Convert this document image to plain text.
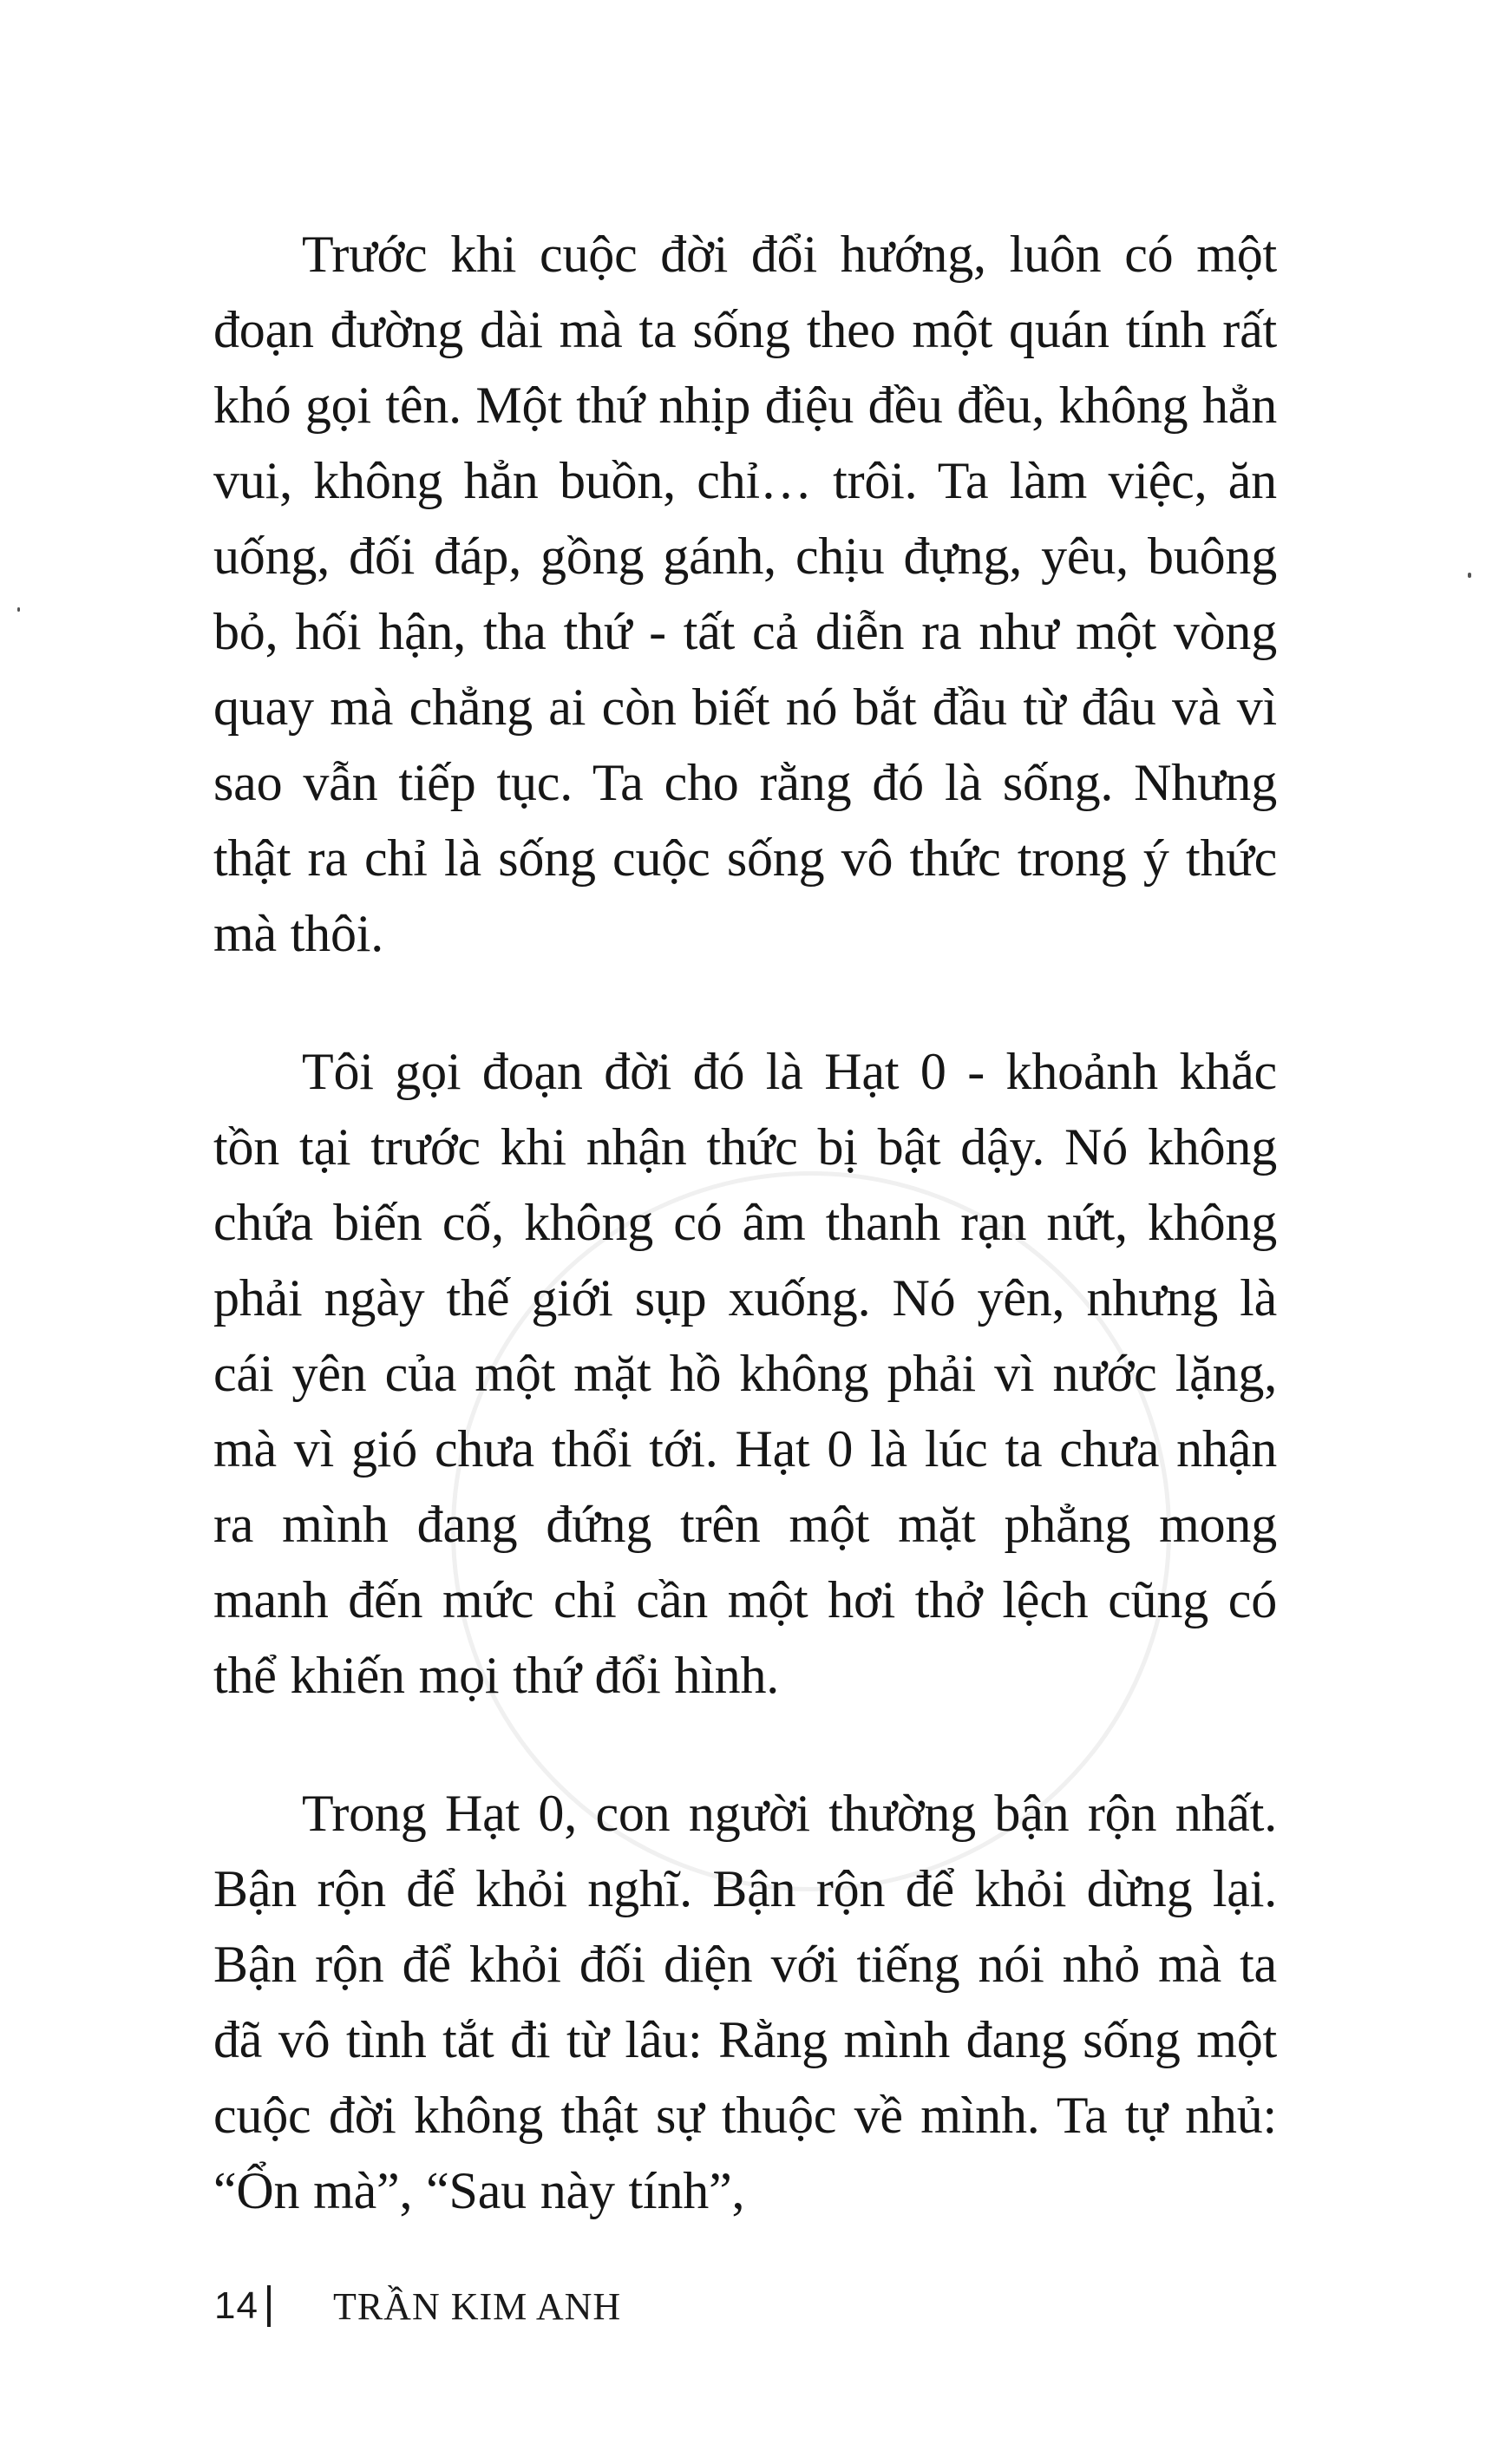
Trước khi cuộc đời đổi hướng, luôn có một đoạn đường dài mà ta sống theo một quán tính rất khó gọi tên. Một thứ nhịp điệu đều đều, không hẳn vui, không hẳn buồn, chỉ… trôi. Ta làm việc, ăn uống, đối đáp, gồng gánh, chịu đựng, yêu, buông bỏ, hối hận, tha thứ - tất cả diễn ra như một vòng quay mà chẳng ai còn biết nó bắt đầu từ đâu và vì sao vẫn tiếp tục. Ta cho rằng đó là sống. Nhưng thật ra chỉ là sống cuộc sống vô thức trong ý thức mà thôi.

Tôi gọi đoạn đời đó là Hạt 0 - khoảnh khắc tồn tại trước khi nhận thức bị bật dậy. Nó không chứa biến cố, không có âm thanh rạn nứt, không phải ngày thế giới sụp xuống. Nó yên, nhưng là cái yên của một mặt hồ không phải vì nước lặng, mà vì gió chưa thổi tới. Hạt 0 là lúc ta chưa nhận ra mình đang đứng trên một mặt phẳng mong manh đến mức chỉ cần một hơi thở lệch cũng có thể khiến mọi thứ đổi hình.

Trong Hạt 0, con người thường bận rộn nhất. Bận rộn để khỏi nghĩ. Bận rộn để khỏi dừng lại. Bận rộn để khỏi đối diện với tiếng nói nhỏ mà ta đã vô tình tắt đi từ lâu: Rằng mình đang sống một cuộc đời không thật sự thuộc về mình. Ta tự nhủ: “Ổn mà”, “Sau này tính”,

14 TRẦN KIM ANH
